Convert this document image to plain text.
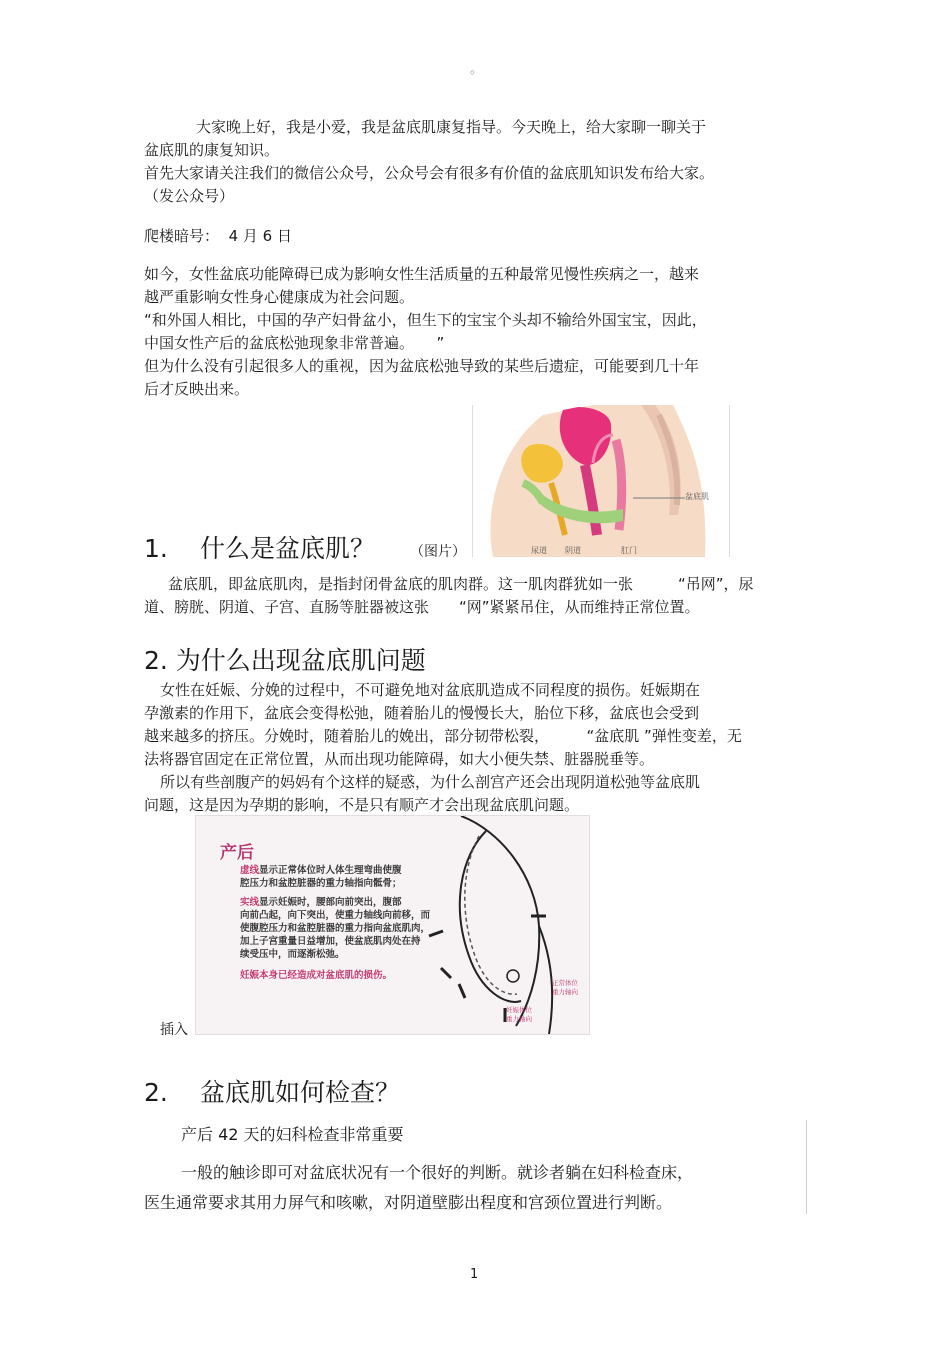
。

大家晚上好，我是小爱，我是盆底肌康复指导。今天晚上，给大家聊一聊关于

盆底肌的康复知识。

首先大家请关注我们的微信公众号，公众号会有很多有价值的盆底肌知识发布给大家。

（发公众号）

爬楼暗号： 4 月 6 日

如今，女性盆底功能障碍已成为影响女性生活质量的五种最常见慢性疾病之一，越来

越严重影响女性身心健康成为社会问题。

“和外国人相比，中国的孕产妇骨盆小，但生下的宝宝个头却不输给外国宝宝，因此，

中国女性产后的盆底松弛现象非常普遍。　　”

但为什么没有引起很多人的重视，因为盆底松弛导致的某些后遗症，可能要到几十年

后才反映出来。

盆底肌
尿道 阴道	肛门
1. 什么是盆底肌？ （图片）

盆底肌，即盆底肌肉，是指封闭骨盆底的肌肉群。这一肌肉群犹如一张　　　“吊网”，尿

道、膀胱、阴道、子宫、直肠等脏器被这张　　“网”紧紧吊住，从而维持正常位置。

2. 为什么出现盆底肌问题

女性在妊娠、分娩的过程中，不可避免地对盆底肌造成不同程度的损伤。妊娠期在

孕激素的作用下，盆底会变得松弛，随着胎儿的慢慢长大，胎位下移，盆底也会受到

越来越多的挤压。分娩时，随着胎儿的娩出，部分韧带松裂，　　　“盆底肌 ”弹性变差，无

法将器官固定在正常位置，从而出现功能障碍，如大小便失禁、脏器脱垂等。

所以有些剖腹产的妈妈有个这样的疑惑，为什么剖宫产还会出现阴道松弛等盆底肌

问题，这是因为孕期的影响，不是只有顺产才会出现盆底肌问题。

插入
产后
虚线显示正常体位时人体生理弯曲使腹
腔压力和盆腔脏器的重力轴指向骶骨；
实线显示妊娠时，腰部向前突出，腹部
向前凸起，向下突出，使重力轴线向前移，而
使腹腔压力和盆腔脏器的重力指向盆底肌肉，
加上子宫重量日益增加，使盆底肌肉处在持
续受压中，而逐渐松弛。
妊娠本身已经造成对盆底肌的损伤。
正常体位
重力轴向
妊娠体位
重力轴向
2. 盆底肌如何检查？

产后 42 天的妇科检查非常重要

一般的触诊即可对盆底状况有一个很好的判断。就诊者躺在妇科检查床，

医生通常要求其用力屏气和咳嗽，对阴道壁膨出程度和宫颈位置进行判断。

1
